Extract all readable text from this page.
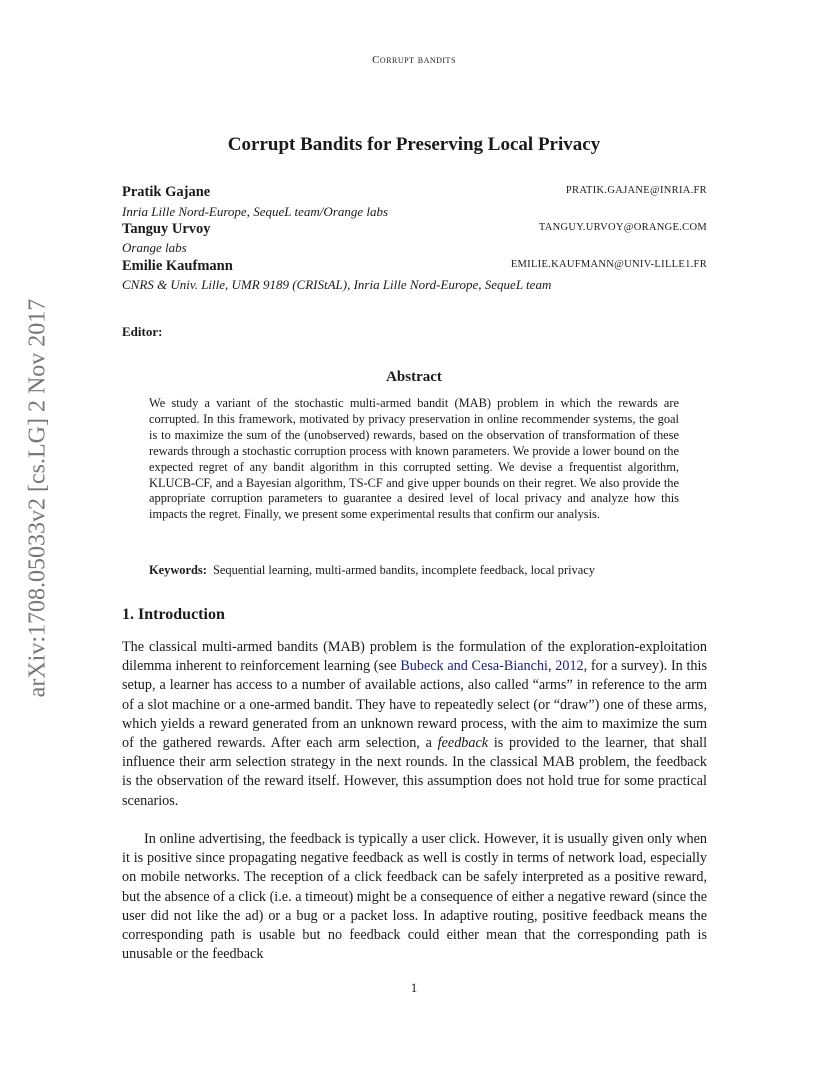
Corrupt bandits
arXiv:1708.05033v2 [cs.LG] 2 Nov 2017
Corrupt Bandits for Preserving Local Privacy
Pratik Gajane	PRATIK.GAJANE@INRIA.FR
Inria Lille Nord-Europe, SequeL team/Orange labs
Tanguy Urvoy	TANGUY.URVOY@ORANGE.COM
Orange labs
Emilie Kaufmann	EMILIE.KAUFMANN@UNIV-LILLE1.FR
CNRS & Univ. Lille, UMR 9189 (CRIStAL), Inria Lille Nord-Europe, SequeL team
Editor:
Abstract
We study a variant of the stochastic multi-armed bandit (MAB) problem in which the rewards are corrupted. In this framework, motivated by privacy preservation in online recommender systems, the goal is to maximize the sum of the (unobserved) rewards, based on the observation of transformation of these rewards through a stochastic corruption process with known parameters. We provide a lower bound on the expected regret of any bandit algorithm in this corrupted setting. We devise a frequentist algorithm, KLUCB-CF, and a Bayesian algorithm, TS-CF and give upper bounds on their regret. We also provide the appropriate corruption parameters to guarantee a desired level of local privacy and analyze how this impacts the regret. Finally, we present some experimental results that confirm our analysis.
Keywords: Sequential learning, multi-armed bandits, incomplete feedback, local privacy
1. Introduction
The classical multi-armed bandits (MAB) problem is the formulation of the exploration-exploitation dilemma inherent to reinforcement learning (see Bubeck and Cesa-Bianchi, 2012, for a survey). In this setup, a learner has access to a number of available actions, also called “arms” in reference to the arm of a slot machine or a one-armed bandit. They have to repeatedly select (or “draw”) one of these arms, which yields a reward generated from an unknown reward process, with the aim to maximize the sum of the gathered rewards. After each arm selection, a feedback is provided to the learner, that shall influence their arm selection strategy in the next rounds. In the classical MAB problem, the feedback is the observation of the reward itself. However, this assumption does not hold true for some practical scenarios.
In online advertising, the feedback is typically a user click. However, it is usually given only when it is positive since propagating negative feedback as well is costly in terms of network load, especially on mobile networks. The reception of a click feedback can be safely interpreted as a positive reward, but the absence of a click (i.e. a timeout) might be a consequence of either a negative reward (since the user did not like the ad) or a bug or a packet loss. In adaptive routing, positive feedback means the corresponding path is usable but no feedback could either mean that the corresponding path is unusable or the feedback
1
